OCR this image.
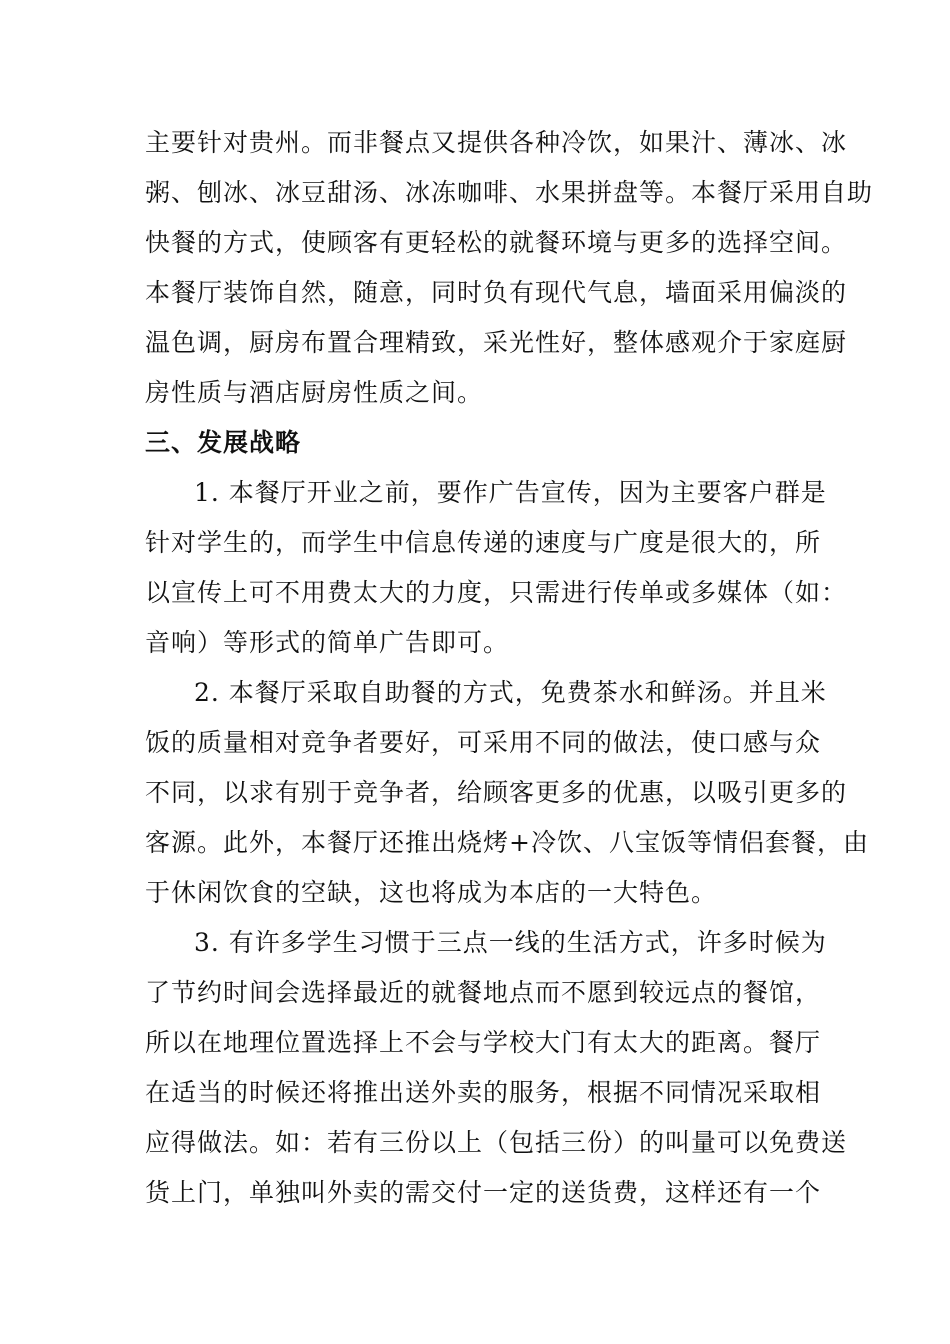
主要针对贵州。而非餐点又提供各种冷饮，如果汁、薄冰、冰
粥、刨冰、冰豆甜汤、冰冻咖啡、水果拼盘等。本餐厅采用自助
快餐的方式，使顾客有更轻松的就餐环境与更多的选择空间。
本餐厅装饰自然，随意，同时负有现代气息，墙面采用偏淡的
温色调，厨房布置合理精致，采光性好，整体感观介于家庭厨
房性质与酒店厨房性质之间。
三、发展战略
1. 本餐厅开业之前，要作广告宣传，因为主要客户群是
针对学生的，而学生中信息传递的速度与广度是很大的，所
以宣传上可不用费太大的力度，只需进行传单或多媒体（如：
音响）等形式的简单广告即可。
2. 本餐厅采取自助餐的方式，免费茶水和鲜汤。并且米
饭的质量相对竞争者要好，可采用不同的做法，使口感与众
不同，以求有别于竞争者，给顾客更多的优惠，以吸引更多的
客源。此外，本餐厅还推出烧烤+冷饮、八宝饭等情侣套餐，由
于休闲饮食的空缺，这也将成为本店的一大特色。
3. 有许多学生习惯于三点一线的生活方式，许多时候为
了节约时间会选择最近的就餐地点而不愿到较远点的餐馆，
所以在地理位置选择上不会与学校大门有太大的距离。餐厅
在适当的时候还将推出送外卖的服务，根据不同情况采取相
应得做法。如：若有三份以上（包括三份）的叫量可以免费送
货上门，单独叫外卖的需交付一定的送货费，这样还有一个
